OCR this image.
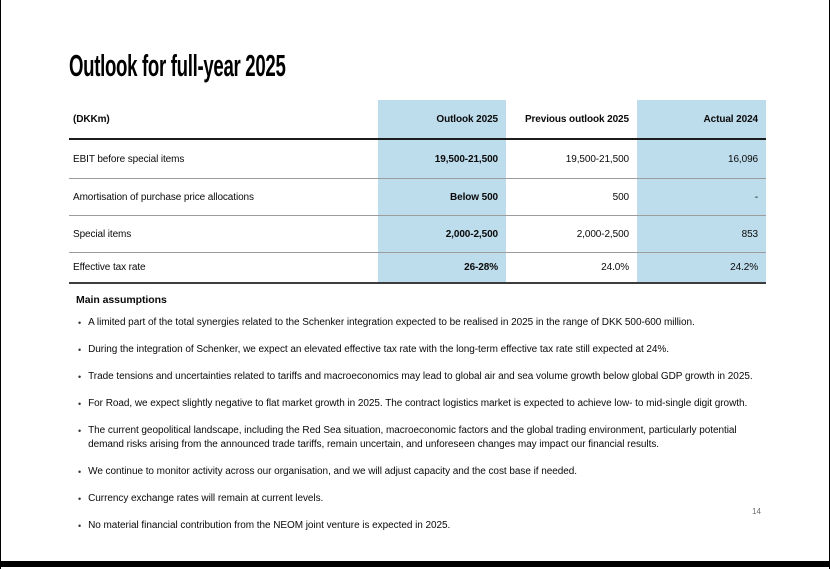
Outlook for full-year 2025
(DKKm)	Outlook 2025	Previous outlook 2025	Actual 2024
EBIT before special items	19,500-21,500	19,500-21,500	16,096
Amortisation of purchase price allocations	Below 500	500	-
Special items	2,000-2,500	2,000-2,500	853
Effective tax rate	26-28%	24.0%	24.2%
Main assumptions
• A limited part of the total synergies related to the Schenker integration expected to be realised in 2025 in the range of DKK 500-600 million.
• During the integration of Schenker, we expect an elevated effective tax rate with the long-term effective tax rate still expected at 24%.
• Trade tensions and uncertainties related to tariffs and macroeconomics may lead to global air and sea volume growth below global GDP growth in 2025.
• For Road, we expect slightly negative to flat market growth in 2025. The contract logistics market is expected to achieve low- to mid-single digit growth.
• The current geopolitical landscape, including the Red Sea situation, macroeconomic factors and the global trading environment, particularly potential demand risks arising from the announced trade tariffs, remain uncertain, and unforeseen changes may impact our financial results.
• We continue to monitor activity across our organisation, and we will adjust capacity and the cost base if needed.
• Currency exchange rates will remain at current levels.
• No material financial contribution from the NEOM joint venture is expected in 2025.
14
